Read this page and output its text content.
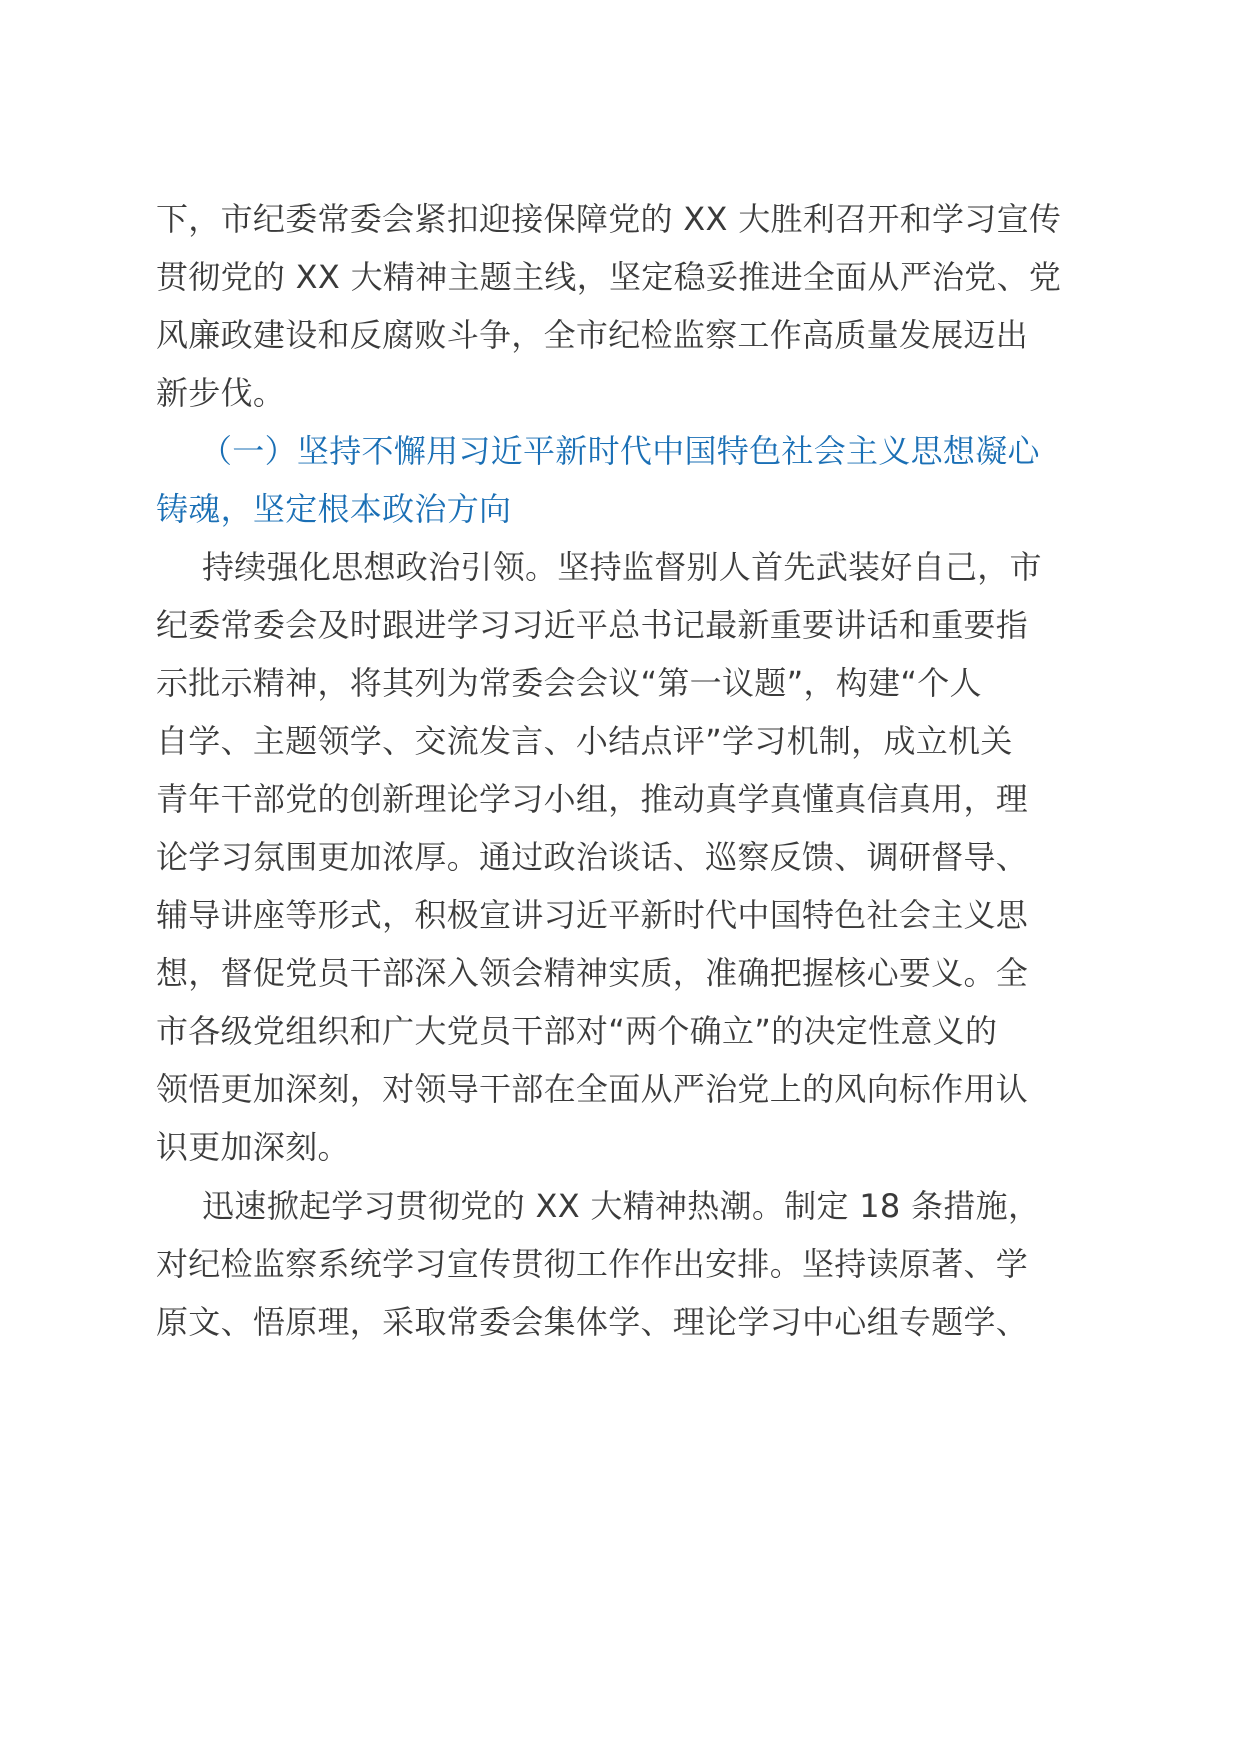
下，市纪委常委会紧扣迎接保障党的 XX 大胜利召开和学习宣传
贯彻党的 XX 大精神主题主线，坚定稳妥推进全面从严治党、党
风廉政建设和反腐败斗争，全市纪检监察工作高质量发展迈出
新步伐。
（一）坚持不懈用习近平新时代中国特色社会主义思想凝心
铸魂，坚定根本政治方向
持续强化思想政治引领。坚持监督别人首先武装好自己，市
纪委常委会及时跟进学习习近平总书记最新重要讲话和重要指
示批示精神，将其列为常委会会议“第一议题”，构建“个人
自学、主题领学、交流发言、小结点评”学习机制，成立机关
青年干部党的创新理论学习小组，推动真学真懂真信真用，理
论学习氛围更加浓厚。通过政治谈话、巡察反馈、调研督导、
辅导讲座等形式，积极宣讲习近平新时代中国特色社会主义思
想，督促党员干部深入领会精神实质，准确把握核心要义。全
市各级党组织和广大党员干部对“两个确立”的决定性意义的
领悟更加深刻，对领导干部在全面从严治党上的风向标作用认
识更加深刻。
迅速掀起学习贯彻党的 XX 大精神热潮。制定 18 条措施，
对纪检监察系统学习宣传贯彻工作作出安排。坚持读原著、学
原文、悟原理，采取常委会集体学、理论学习中心组专题学、
